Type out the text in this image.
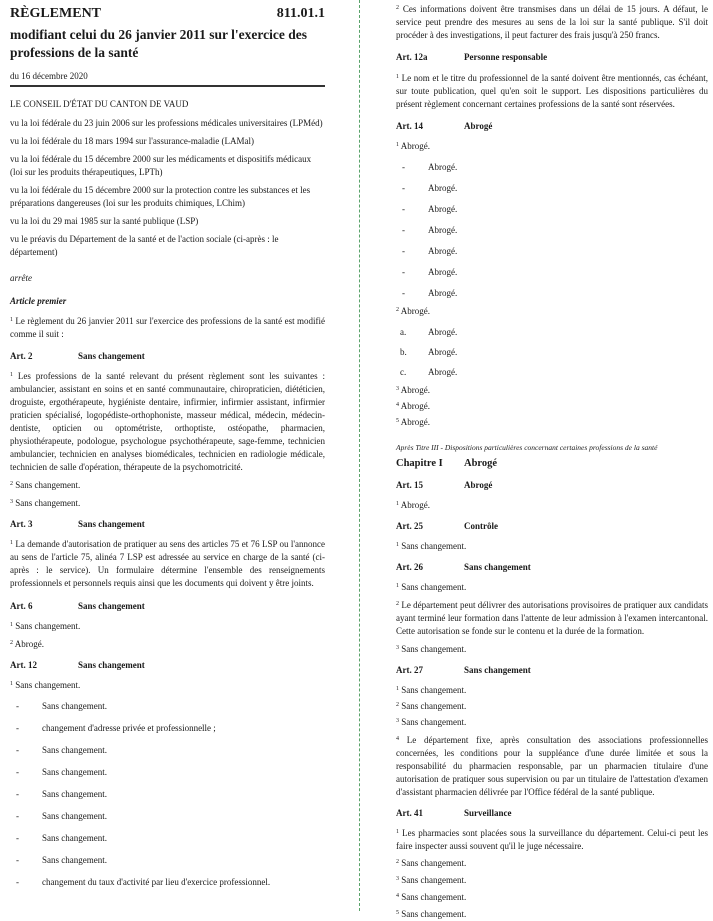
RÈGLEMENT	811.01.1
modifiant celui du 26 janvier 2011 sur l'exercice des professions de la santé
du 16 décembre 2020

LE CONSEIL D'ÉTAT DU CANTON DE VAUD

vu la loi fédérale du 23 juin 2006 sur les professions médicales universitaires (LPMéd)

vu la loi fédérale du 18 mars 1994 sur l'assurance-maladie (LAMal)

vu la loi fédérale du 15 décembre 2000 sur les médicaments et dispositifs médicaux (loi sur les produits thérapeutiques, LPTh)

vu la loi fédérale du 15 décembre 2000 sur la protection contre les substances et les préparations dangereuses (loi sur les produits chimiques, LChim)

vu la loi du 29 mai 1985 sur la santé publique (LSP)

vu le préavis du Département de la santé et de l'action sociale (ci-après : le département)

arrête

Article premier

$^1$ Le règlement du 26 janvier 2011 sur l'exercice des professions de la santé est modifié comme il suit :

Art. 2	Sans changement

$^1$ Les professions de la santé relevant du présent règlement sont les suivantes : ambulancier, assistant en soins et en santé communautaire, chiropraticien, diététicien, droguiste, ergothérapeute, hygiéniste dentaire, infirmier, infirmier assistant, infirmier praticien spécialisé, logopédiste-orthophoniste, masseur médical, médecin, médecin-dentiste, opticien ou optométriste, orthoptiste, ostéopathe, pharmacien, physiothérapeute, podologue, psychologue psychothérapeute, sage-femme, technicien ambulancier, technicien en analyses biomédicales, technicien en radiologie médicale, technicien de salle d'opération, thérapeute de la psychomotricité.

$^2$ Sans changement.

$^3$ Sans changement.

Art. 3	Sans changement

$^1$ La demande d'autorisation de pratiquer au sens des articles 75 et 76 LSP ou l'annonce au sens de l'article 75, alinéa 7 LSP est adressée au service en charge de la santé (ci-après : le service). Un formulaire détermine l'ensemble des renseignements professionnels et personnels requis ainsi que les documents qui doivent y être joints.

Art. 6	Sans changement

$^1$ Sans changement.

$^2$ Abrogé.

Art. 12	Sans changement

$^1$ Sans changement.

-	Sans changement.
-	changement d'adresse privée et professionnelle ;
-	Sans changement.
-	Sans changement.
-	Sans changement.
-	Sans changement.
-	Sans changement.
-	Sans changement.
-	changement du taux d'activité par lieu d'exercice professionnel.

$^2$ Ces informations doivent être transmises dans un délai de 15 jours. A défaut, le service peut prendre des mesures au sens de la loi sur la santé publique. S'il doit procéder à des investigations, il peut facturer des frais jusqu'à 250 francs.

Art. 12a	Personne responsable

$^1$ Le nom et le titre du professionnel de la santé doivent être mentionnés, cas échéant, sur toute publication, quel qu'en soit le support. Les dispositions particulières du présent règlement concernant certaines professions de la santé sont réservées.

Art. 14	Abrogé

$^1$ Abrogé.

-	Abrogé.
-	Abrogé.
-	Abrogé.
-	Abrogé.
-	Abrogé.
-	Abrogé.
-	Abrogé.

$^2$ Abrogé.

a.	Abrogé.
b.	Abrogé.
c.	Abrogé.

$^3$ Abrogé.

$^4$ Abrogé.

$^5$ Abrogé.

Après Titre III - Dispositions particulières concernant certaines professions de la santé

Chapitre I	Abrogé
Art. 15	Abrogé

$^1$ Abrogé.

Art. 25	Contrôle

$^1$ Sans changement.

Art. 26	Sans changement

$^1$ Sans changement.

$^2$ Le département peut délivrer des autorisations provisoires de pratiquer aux candidats ayant terminé leur formation dans l'attente de leur admission à l'examen intercantonal. Cette autorisation se fonde sur le contenu et la durée de la formation.

$^3$ Sans changement.

Art. 27	Sans changement

$^1$ Sans changement.

$^2$ Sans changement.

$^3$ Sans changement.

$^4$ Le département fixe, après consultation des associations professionnelles concernées, les conditions pour la suppléance d'une durée limitée et sous la responsabilité du pharmacien responsable, par un pharmacien titulaire d'une autorisation de pratiquer sous supervision ou par un titulaire de l'attestation d'examen d'assistant pharmacien délivrée par l'Office fédéral de la santé publique.

Art. 41	Surveillance

$^1$ Les pharmacies sont placées sous la surveillance du département. Celui-ci peut les faire inspecter aussi souvent qu'il le juge nécessaire.

$^2$ Sans changement.

$^3$ Sans changement.

$^4$ Sans changement.

$^5$ Sans changement.
